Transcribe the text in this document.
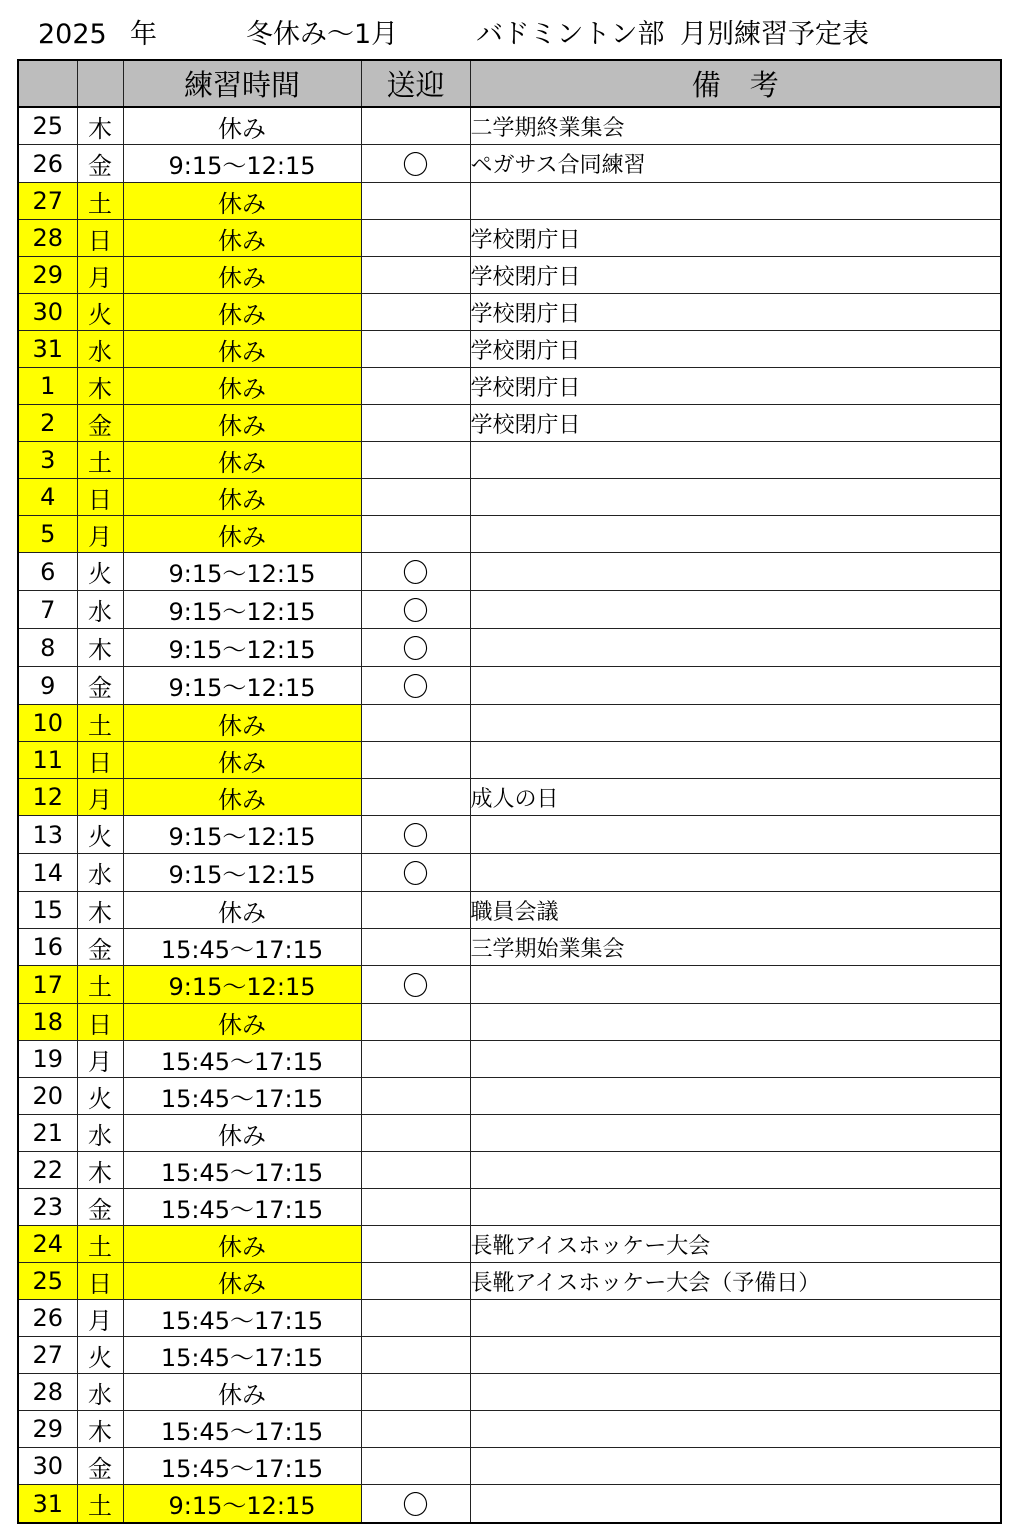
2025 年	冬休み～1月	バドミントン部 月別練習予定表
		練習時間	送迎	備　考
25	木	休み		二学期終業集会
26	金	9:15～12:15	〇	ペガサス合同練習
27	土	休み		
28	日	休み		学校閉庁日
29	月	休み		学校閉庁日
30	火	休み		学校閉庁日
31	水	休み		学校閉庁日
1	木	休み		学校閉庁日
2	金	休み		学校閉庁日
3	土	休み		
4	日	休み		
5	月	休み		
6	火	9:15～12:15	〇	
7	水	9:15～12:15	〇	
8	木	9:15～12:15	〇	
9	金	9:15～12:15	〇	
10	土	休み		
11	日	休み		
12	月	休み		成人の日
13	火	9:15～12:15	〇	
14	水	9:15～12:15	〇	
15	木	休み		職員会議
16	金	15:45～17:15		三学期始業集会
17	土	9:15～12:15	〇	
18	日	休み		
19	月	15:45～17:15		
20	火	15:45～17:15		
21	水	休み		
22	木	15:45～17:15		
23	金	15:45～17:15		
24	土	休み		長靴アイスホッケー大会
25	日	休み		長靴アイスホッケー大会（予備日）
26	月	15:45～17:15		
27	火	15:45～17:15		
28	水	休み		
29	木	15:45～17:15		
30	金	15:45～17:15		
31	土	9:15～12:15	〇	
